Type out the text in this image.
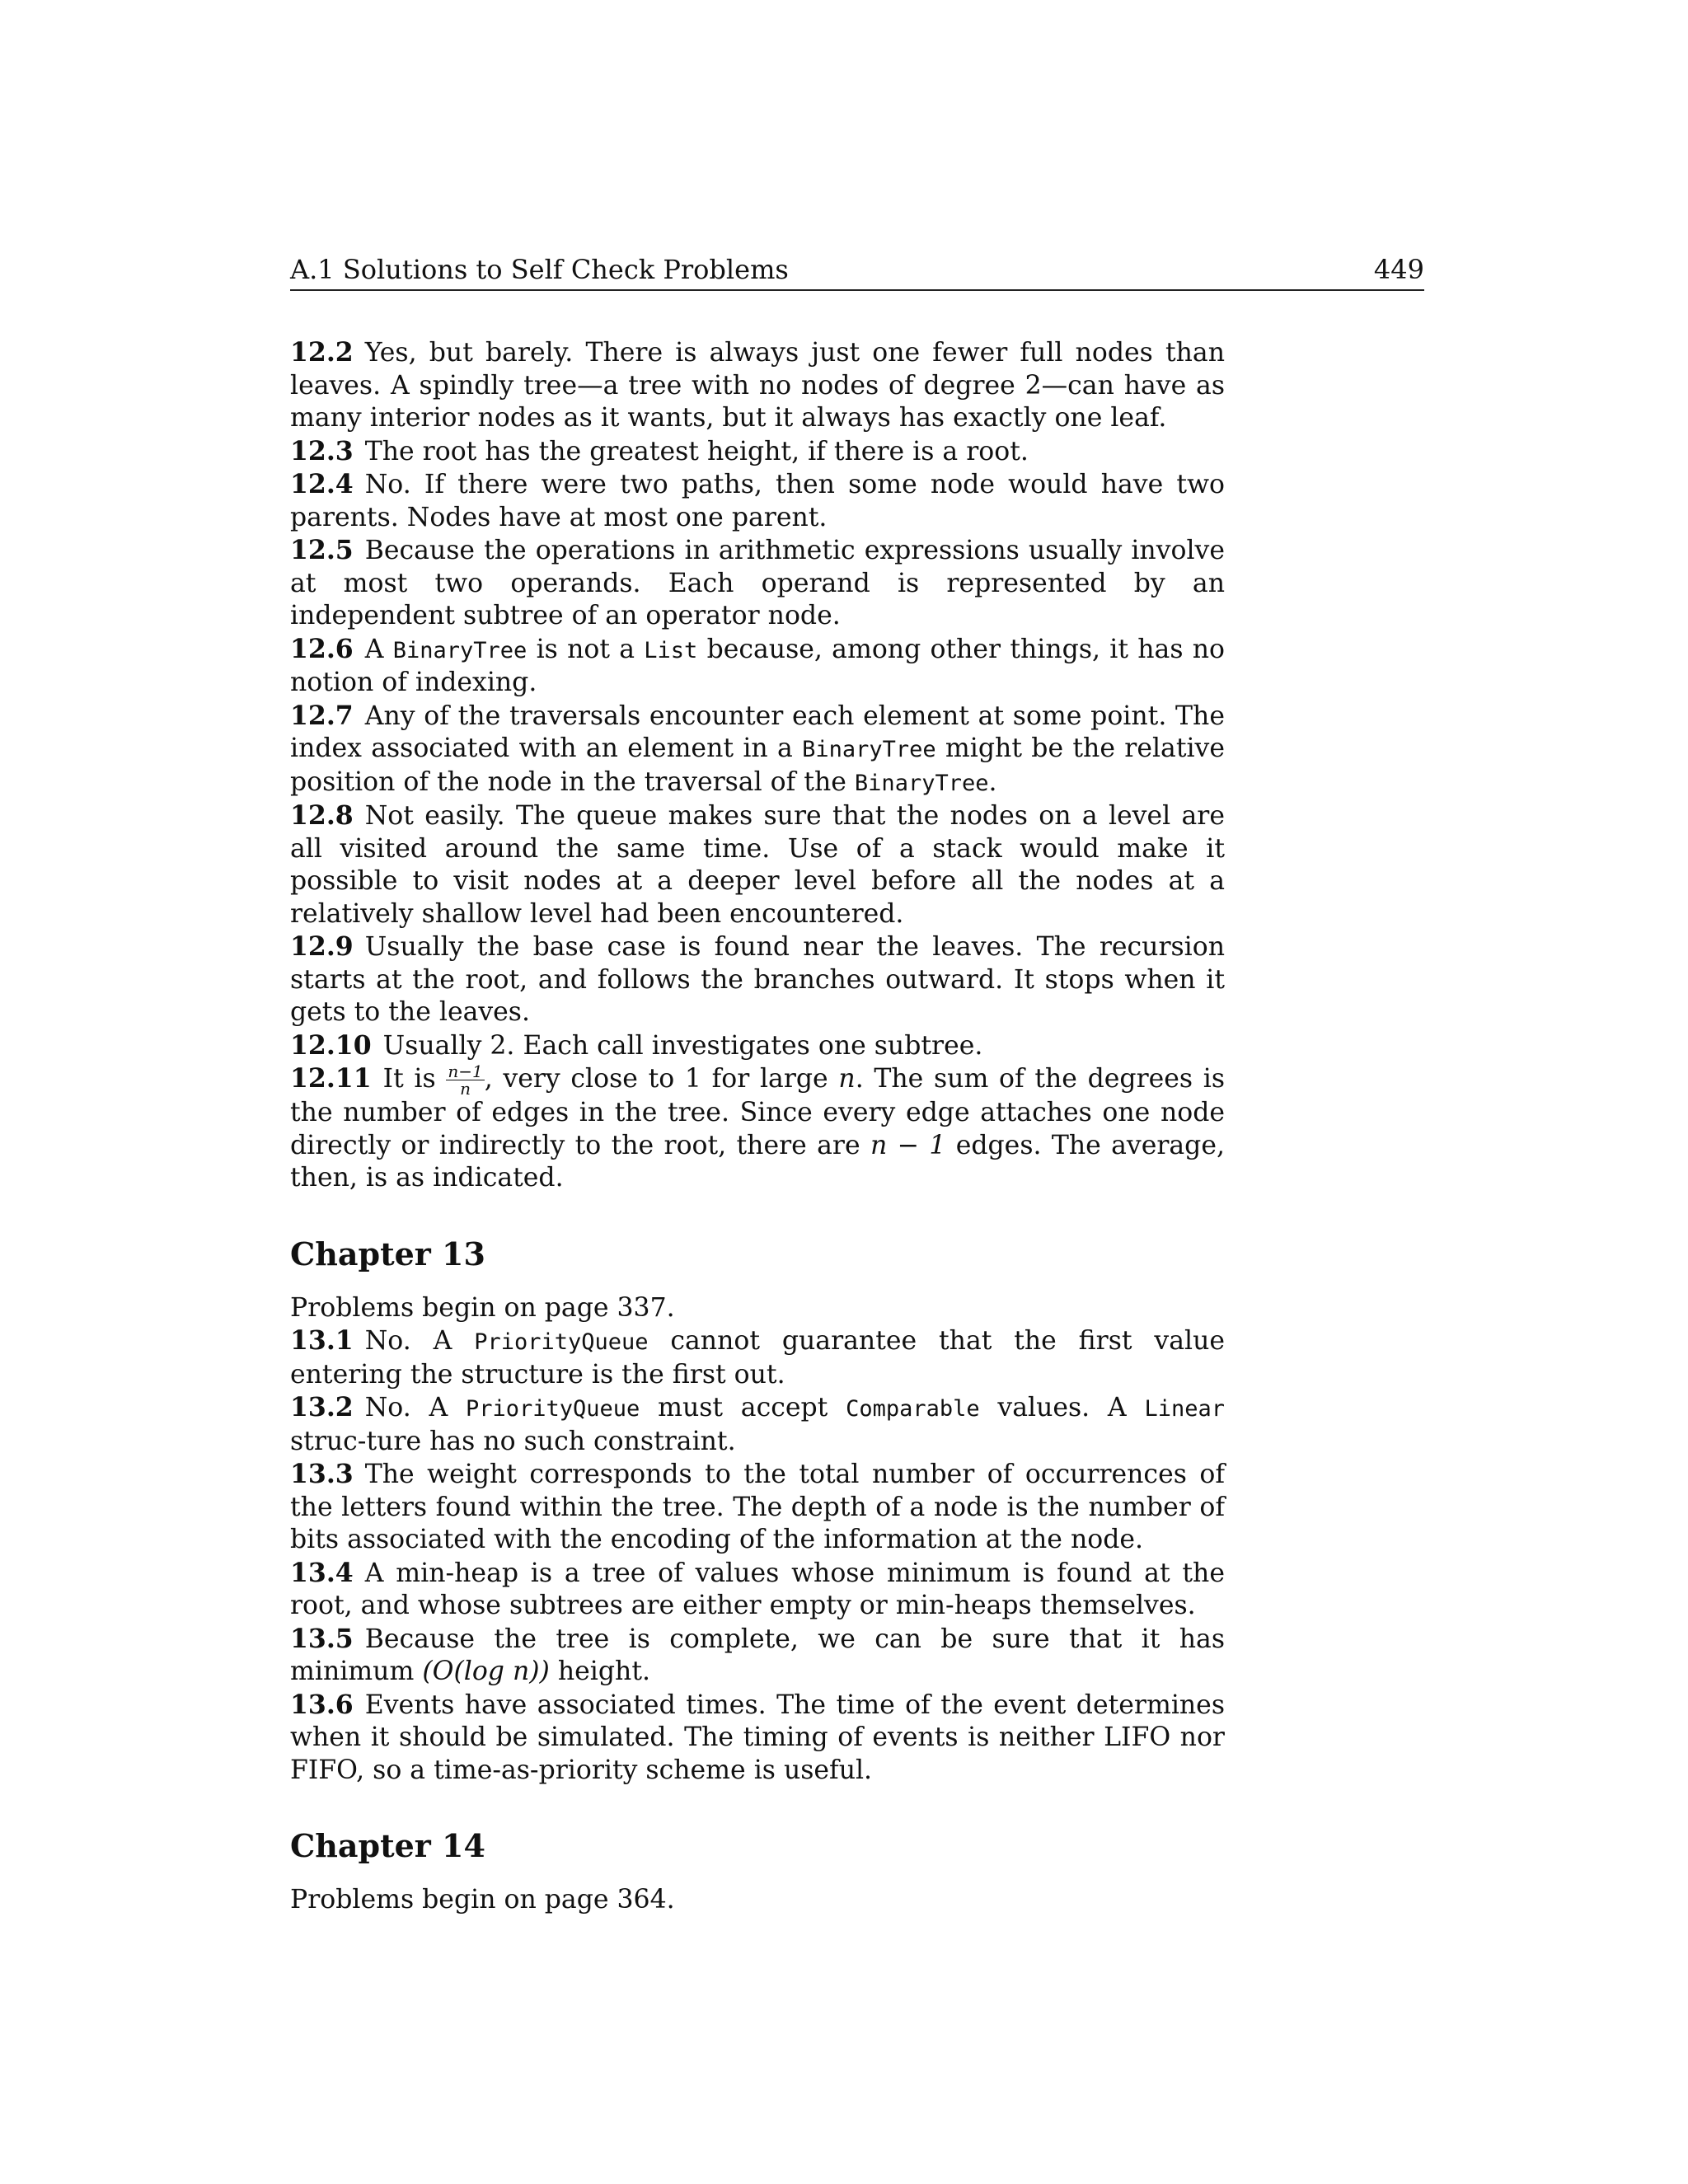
A.1 Solutions to Self Check Problems	449

12.2 Yes, but barely. There is always just one fewer full nodes than leaves. A spindly tree—a tree with no nodes of degree 2—can have as many interior nodes as it wants, but it always has exactly one leaf.

12.3 The root has the greatest height, if there is a root.

12.4 No. If there were two paths, then some node would have two parents. Nodes have at most one parent.

12.5 Because the operations in arithmetic expressions usually involve at most two operands. Each operand is represented by an independent subtree of an operator node.

12.6 A BinaryTree is not a List because, among other things, it has no notion of indexing.

12.7 Any of the traversals encounter each element at some point. The index associated with an element in a BinaryTree might be the relative position of the node in the traversal of the BinaryTree.

12.8 Not easily. The queue makes sure that the nodes on a level are all visited around the same time. Use of a stack would make it possible to visit nodes at a deeper level before all the nodes at a relatively shallow level had been encountered.

12.9 Usually the base case is found near the leaves. The recursion starts at the root, and follows the branches outward. It stops when it gets to the leaves.

12.10 Usually 2. Each call investigates one subtree.

12.11 It is $\frac{n-1}{n}$ , very close to 1 for large n. The sum of the degrees is the number of edges in the tree. Since every edge attaches one node directly or indirectly to the root, there are n − 1 edges. The average, then, is as indicated.

Chapter 13

Problems begin on page 337.

13.1 No. A PriorityQueue cannot guarantee that the first value entering the structure is the first out.

13.2 No. A PriorityQueue must accept Comparable values. A Linear struc-ture has no such constraint.

13.3 The weight corresponds to the total number of occurrences of the letters found within the tree. The depth of a node is the number of bits associated with the encoding of the information at the node.

13.4 A min-heap is a tree of values whose minimum is found at the root, and whose subtrees are either empty or min-heaps themselves.

13.5 Because the tree is complete, we can be sure that it has minimum (O(log n)) height.

13.6 Events have associated times. The time of the event determines when it should be simulated. The timing of events is neither LIFO nor FIFO, so a time-as-priority scheme is useful.

Chapter 14

Problems begin on page 364.
